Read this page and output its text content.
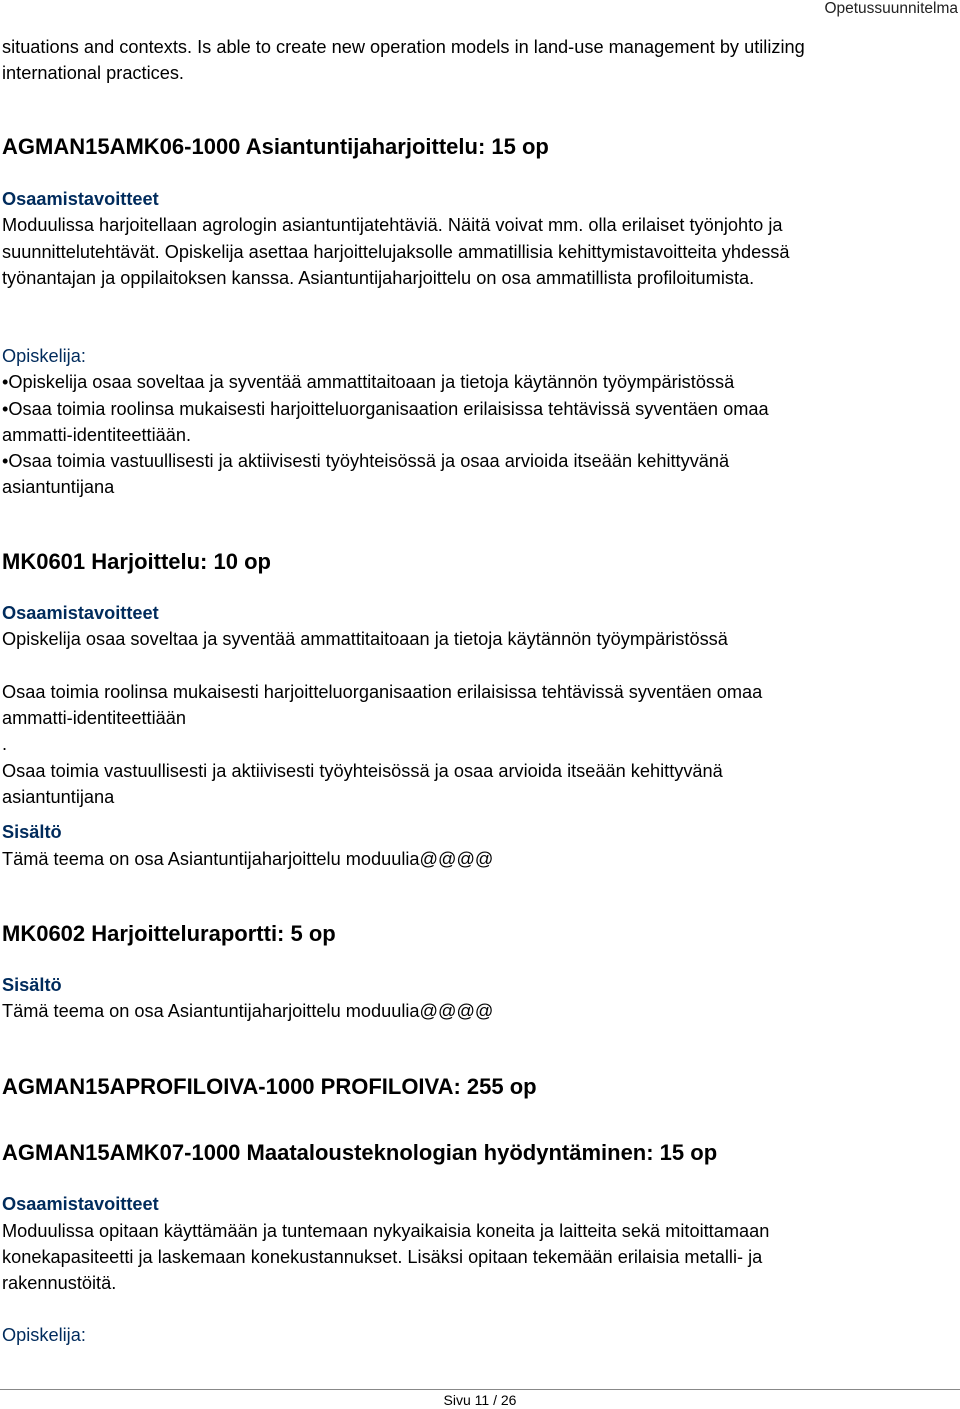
Opetussuunnitelma
situations and contexts. Is able to create new operation models in land-use management by utilizing
international practices.
AGMAN15AMK06-1000 Asiantuntijaharjoittelu: 15 op
Osaamistavoitteet
Moduulissa harjoitellaan agrologin asiantuntijatehtäviä. Näitä voivat mm. olla erilaiset työnjohto ja
suunnittelutehtävät. Opiskelija asettaa harjoittelujaksolle ammatillisia kehittymistavoitteita yhdessä
työnantajan ja oppilaitoksen kanssa. Asiantuntijaharjoittelu on osa ammatillista profiloitumista.
Opiskelija:
•Opiskelija osaa soveltaa ja syventää ammattitaitoaan ja tietoja käytännön työympäristössä
•Osaa toimia roolinsa mukaisesti harjoitteluorganisaation erilaisissa tehtävissä syventäen omaa
ammatti-identiteettiään.
•Osaa toimia vastuullisesti ja aktiivisesti työyhteisössä ja osaa arvioida itseään kehittyvänä
asiantuntijana
MK0601 Harjoittelu: 10 op
Osaamistavoitteet
Opiskelija osaa soveltaa ja syventää ammattitaitoaan ja tietoja käytännön työympäristössä
Osaa toimia roolinsa mukaisesti harjoitteluorganisaation erilaisissa tehtävissä syventäen omaa
ammatti-identiteettiään
.
Osaa toimia vastuullisesti ja aktiivisesti työyhteisössä ja osaa arvioida itseään kehittyvänä
asiantuntijana
Sisältö
Tämä teema on osa Asiantuntijaharjoittelu moduulia@@@@
MK0602 Harjoitteluraportti: 5 op
Sisältö
Tämä teema on osa Asiantuntijaharjoittelu moduulia@@@@
AGMAN15APROFILOIVA-1000 PROFILOIVA: 255 op
AGMAN15AMK07-1000 Maatalousteknologian hyödyntäminen: 15 op
Osaamistavoitteet
Moduulissa opitaan käyttämään ja tuntemaan nykyaikaisia koneita ja laitteita sekä mitoittamaan
konekapasiteetti ja laskemaan konekustannukset. Lisäksi opitaan tekemään erilaisia metalli- ja
rakennustöitä.
Opiskelija:
Sivu 11 / 26
